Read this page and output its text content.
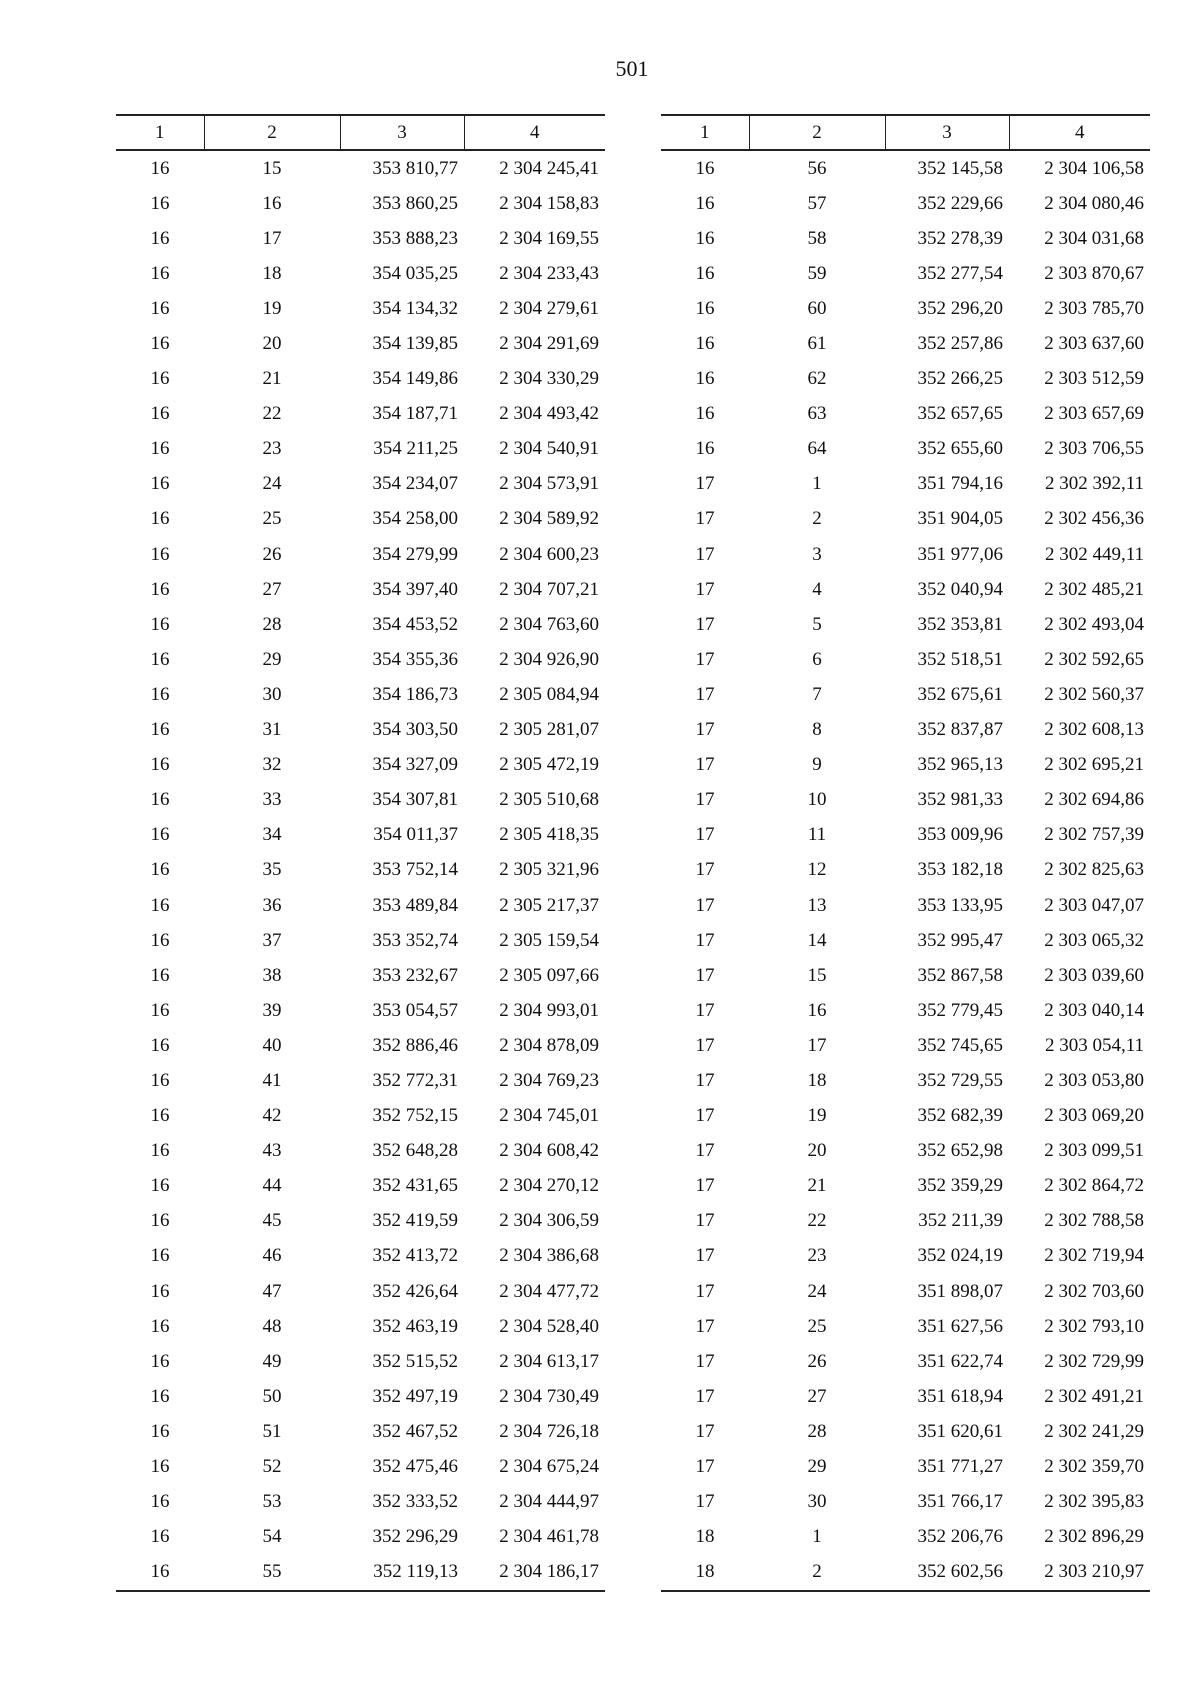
501
1	2	3	4
16	15	353 810,77	2 304 245,41
16	16	353 860,25	2 304 158,83
16	17	353 888,23	2 304 169,55
16	18	354 035,25	2 304 233,43
16	19	354 134,32	2 304 279,61
16	20	354 139,85	2 304 291,69
16	21	354 149,86	2 304 330,29
16	22	354 187,71	2 304 493,42
16	23	354 211,25	2 304 540,91
16	24	354 234,07	2 304 573,91
16	25	354 258,00	2 304 589,92
16	26	354 279,99	2 304 600,23
16	27	354 397,40	2 304 707,21
16	28	354 453,52	2 304 763,60
16	29	354 355,36	2 304 926,90
16	30	354 186,73	2 305 084,94
16	31	354 303,50	2 305 281,07
16	32	354 327,09	2 305 472,19
16	33	354 307,81	2 305 510,68
16	34	354 011,37	2 305 418,35
16	35	353 752,14	2 305 321,96
16	36	353 489,84	2 305 217,37
16	37	353 352,74	2 305 159,54
16	38	353 232,67	2 305 097,66
16	39	353 054,57	2 304 993,01
16	40	352 886,46	2 304 878,09
16	41	352 772,31	2 304 769,23
16	42	352 752,15	2 304 745,01
16	43	352 648,28	2 304 608,42
16	44	352 431,65	2 304 270,12
16	45	352 419,59	2 304 306,59
16	46	352 413,72	2 304 386,68
16	47	352 426,64	2 304 477,72
16	48	352 463,19	2 304 528,40
16	49	352 515,52	2 304 613,17
16	50	352 497,19	2 304 730,49
16	51	352 467,52	2 304 726,18
16	52	352 475,46	2 304 675,24
16	53	352 333,52	2 304 444,97
16	54	352 296,29	2 304 461,78
16	55	352 119,13	2 304 186,17
1	2	3	4
16	56	352 145,58	2 304 106,58
16	57	352 229,66	2 304 080,46
16	58	352 278,39	2 304 031,68
16	59	352 277,54	2 303 870,67
16	60	352 296,20	2 303 785,70
16	61	352 257,86	2 303 637,60
16	62	352 266,25	2 303 512,59
16	63	352 657,65	2 303 657,69
16	64	352 655,60	2 303 706,55
17	1	351 794,16	2 302 392,11
17	2	351 904,05	2 302 456,36
17	3	351 977,06	2 302 449,11
17	4	352 040,94	2 302 485,21
17	5	352 353,81	2 302 493,04
17	6	352 518,51	2 302 592,65
17	7	352 675,61	2 302 560,37
17	8	352 837,87	2 302 608,13
17	9	352 965,13	2 302 695,21
17	10	352 981,33	2 302 694,86
17	11	353 009,96	2 302 757,39
17	12	353 182,18	2 302 825,63
17	13	353 133,95	2 303 047,07
17	14	352 995,47	2 303 065,32
17	15	352 867,58	2 303 039,60
17	16	352 779,45	2 303 040,14
17	17	352 745,65	2 303 054,11
17	18	352 729,55	2 303 053,80
17	19	352 682,39	2 303 069,20
17	20	352 652,98	2 303 099,51
17	21	352 359,29	2 302 864,72
17	22	352 211,39	2 302 788,58
17	23	352 024,19	2 302 719,94
17	24	351 898,07	2 302 703,60
17	25	351 627,56	2 302 793,10
17	26	351 622,74	2 302 729,99
17	27	351 618,94	2 302 491,21
17	28	351 620,61	2 302 241,29
17	29	351 771,27	2 302 359,70
17	30	351 766,17	2 302 395,83
18	1	352 206,76	2 302 896,29
18	2	352 602,56	2 303 210,97
